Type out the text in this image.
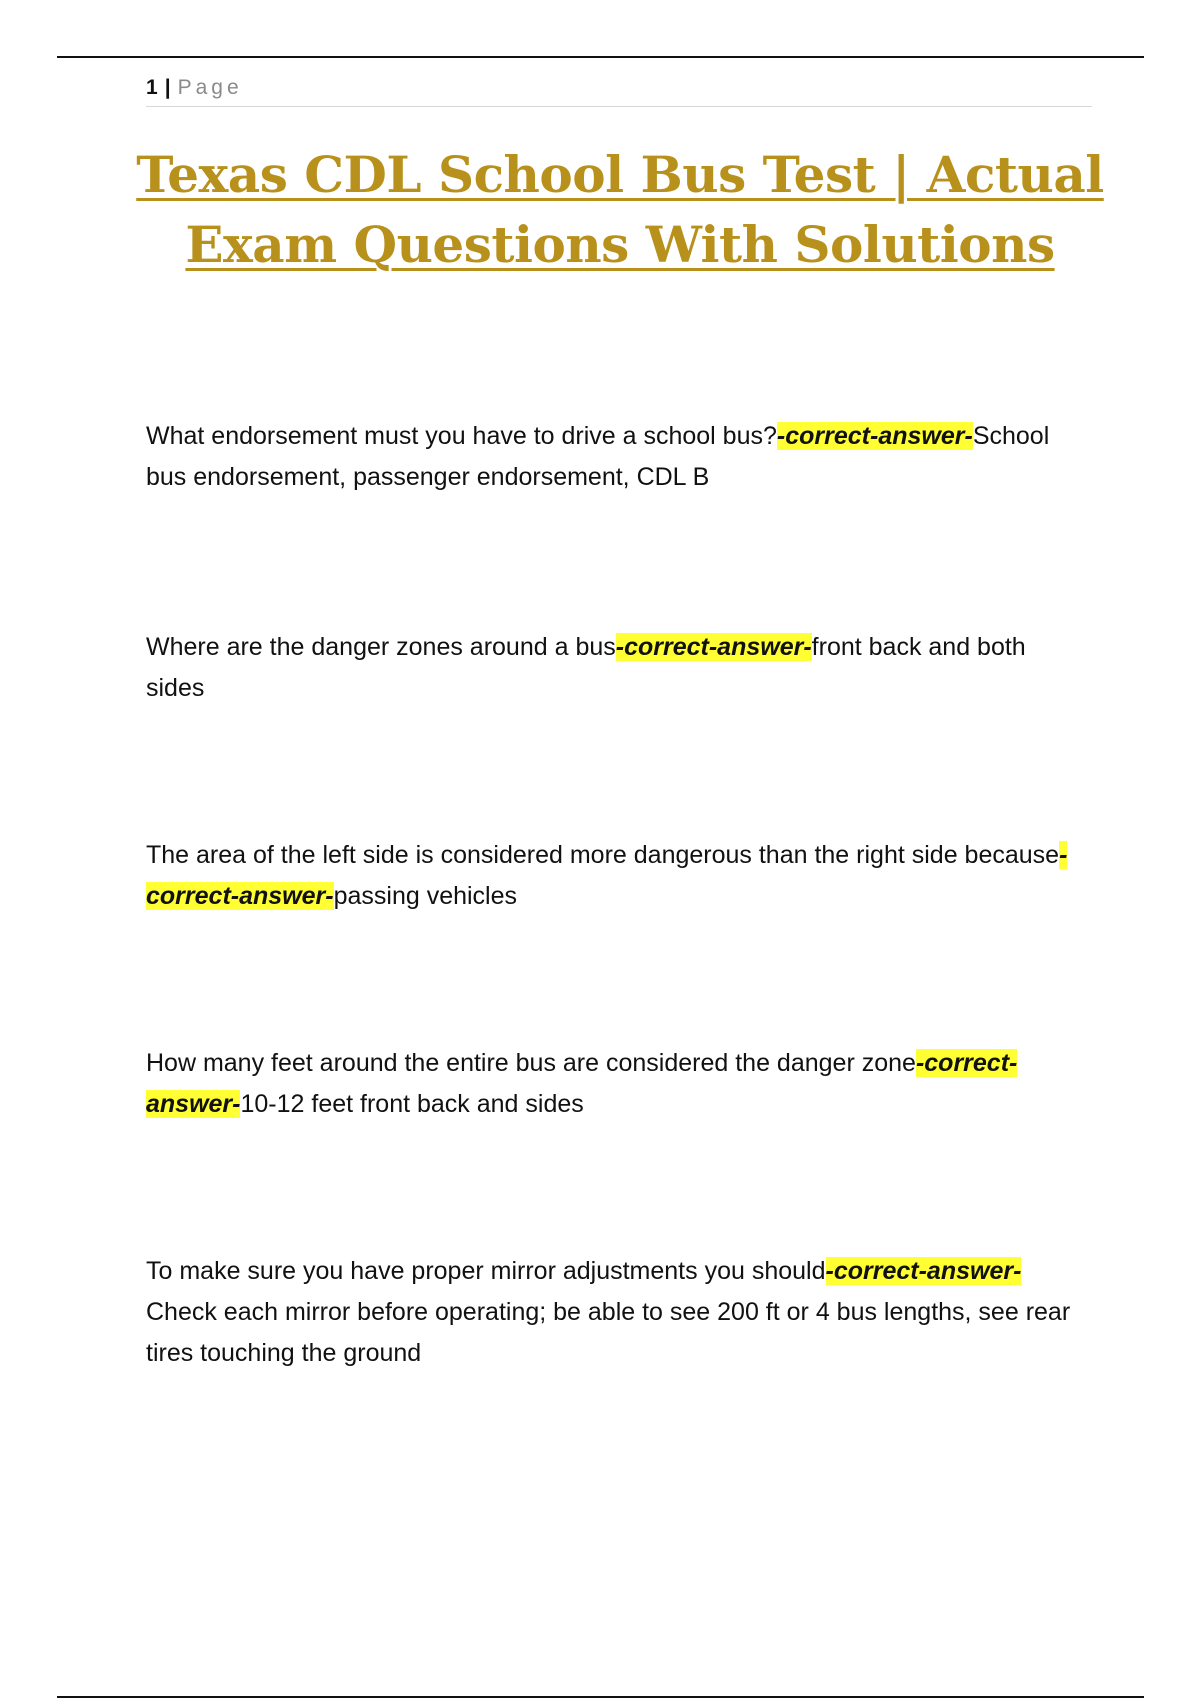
1 | Page
Texas CDL School Bus Test | Actual Exam Questions With Solutions

What endorsement must you have to drive a school bus?-correct-answer-School bus endorsement, passenger endorsement, CDL B

Where are the danger zones around a bus-correct-answer-front back and both sides

The area of the left side is considered more dangerous than the right side because-correct-answer-passing vehicles

How many feet around the entire bus are considered the danger zone-correct-answer-10-12 feet front back and sides

To make sure you have proper mirror adjustments you should-correct-answer-Check each mirror before operating; be able to see 200 ft or 4 bus lengths, see rear tires touching the ground
